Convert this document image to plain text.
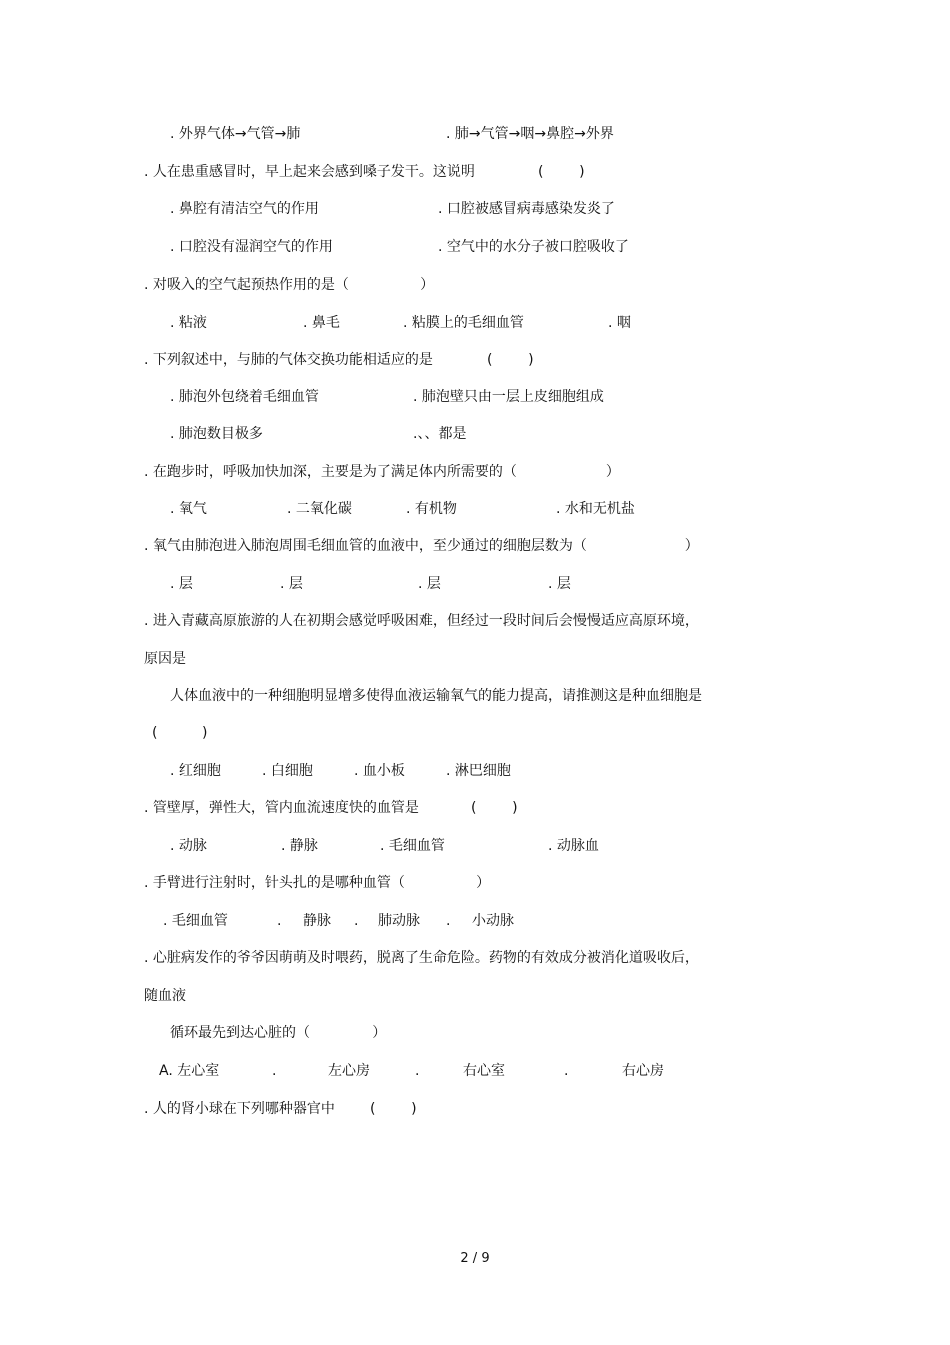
. 外界气体→气管→肺	. 肺→气管→咽→鼻腔→外界
. 人在患重感冒时，早上起来会感到嗓子发干。这说明	(        )
. 鼻腔有清洁空气的作用	. 口腔被感冒病毒感染发炎了
. 口腔没有湿润空气的作用	. 空气中的水分子被口腔吸收了
. 对吸入的空气起预热作用的是（                ）
. 粘液	. 鼻毛	. 粘膜上的毛细血管	. 咽
. 下列叙述中，与肺的气体交换功能相适应的是	(        )
. 肺泡外包绕着毛细血管	. 肺泡壁只由一层上皮细胞组成
. 肺泡数目极多	.、、都是
. 在跑步时，呼吸加快加深，主要是为了满足体内所需要的（                    ）
. 氧气	. 二氧化碳	. 有机物	. 水和无机盐
. 氧气由肺泡进入肺泡周围毛细血管的血液中，至少通过的细胞层数为（                      ）
. 层	. 层	. 层	. 层
. 进入青藏高原旅游的人在初期会感觉呼吸困难，但经过一段时间后会慢慢适应高原环境，
原因是
人体血液中的一种细胞明显增多使得血液运输氧气的能力提高，请推测这是种血细胞是
(          )
. 红细胞	. 白细胞	. 血小板	. 淋巴细胞
. 管壁厚，弹性大，管内血流速度快的血管是	(        )
. 动脉	. 静脉	. 毛细血管	. 动脉血
. 手臂进行注射时，针头扎的是哪种血管（                ）
. 毛细血管	. 静脉 . 肺动脉 . 小动脉
. 心脏病发作的爷爷因萌萌及时喂药，脱离了生命危险。药物的有效成分被消化道吸收后，
随血液
循环最先到达心脏的（              ）
A. 左心室	.	左心房	.	右心室	.	右心房
. 人的肾小球在下列哪种器官中	(        )
2 / 9
